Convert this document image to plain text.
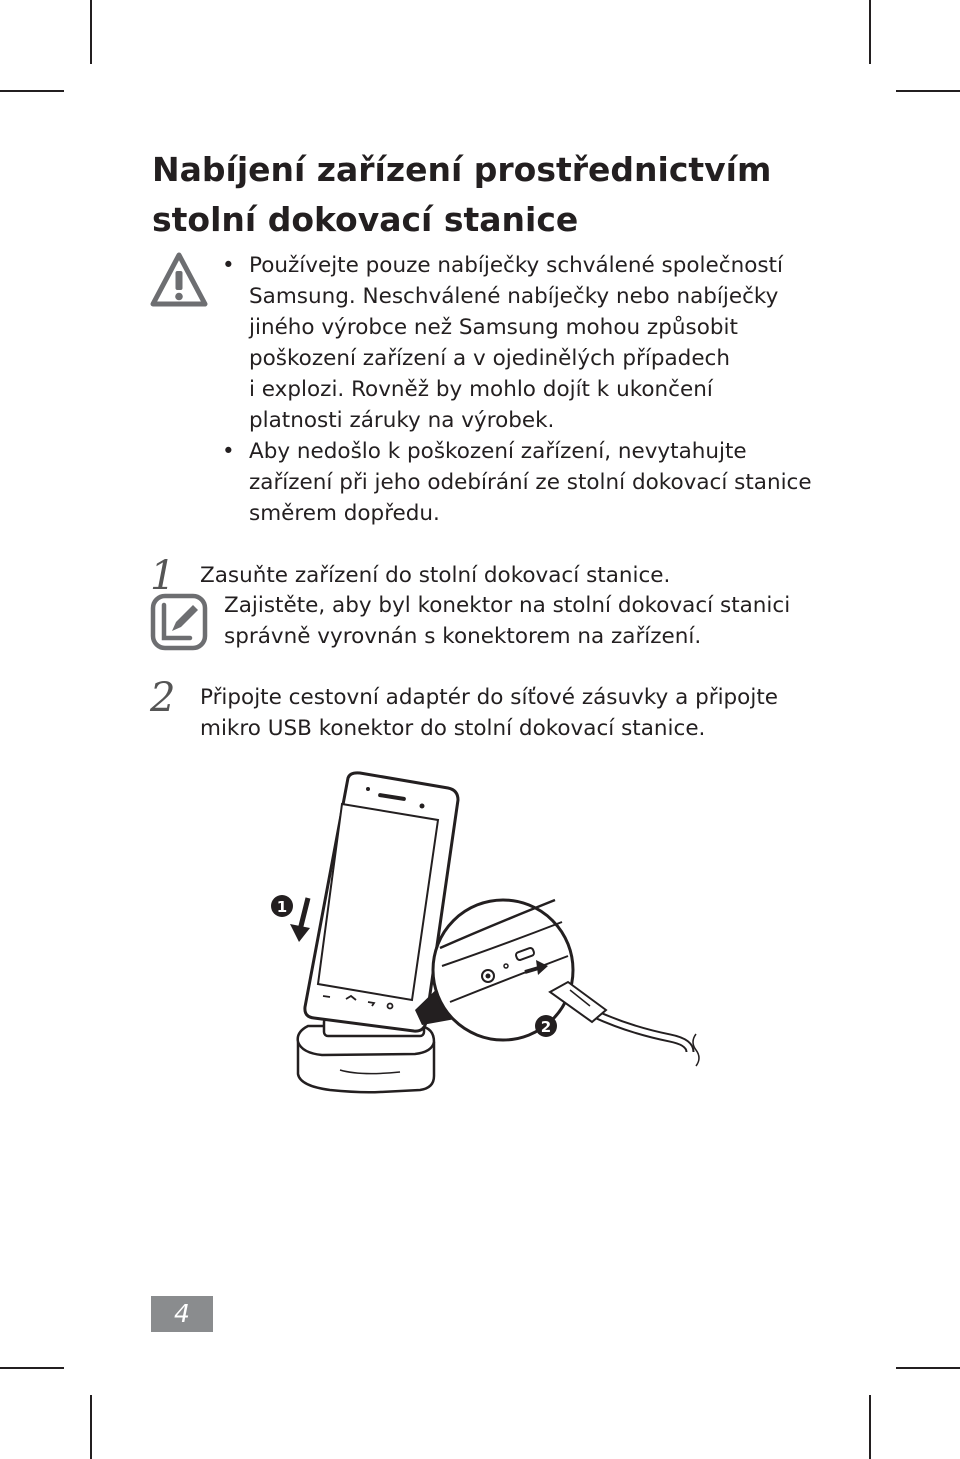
Nabíjení zařízení prostřednictvím
stolní dokovací stanice
• Používejte pouze nabíječky schválené společností
Samsung. Neschválené nabíječky nebo nabíječky
jiného výrobce než Samsung mohou způsobit
poškození zařízení a v ojedinělých případech
i explozi. Rovněž by mohlo dojít k ukončení
platnosti záruky na výrobek.
• Aby nedošlo k poškození zařízení, nevytahujte
zařízení při jeho odebírání ze stolní dokovací stanice
směrem dopředu.
1 Zasuňte zařízení do stolní dokovací stanice.
Zajistěte, aby byl konektor na stolní dokovací stanici
správně vyrovnán s konektorem na zařízení.
2 Připojte cestovní adaptér do síťové zásuvky a připojte
mikro USB konektor do stolní dokovací stanice.
1
2
4
